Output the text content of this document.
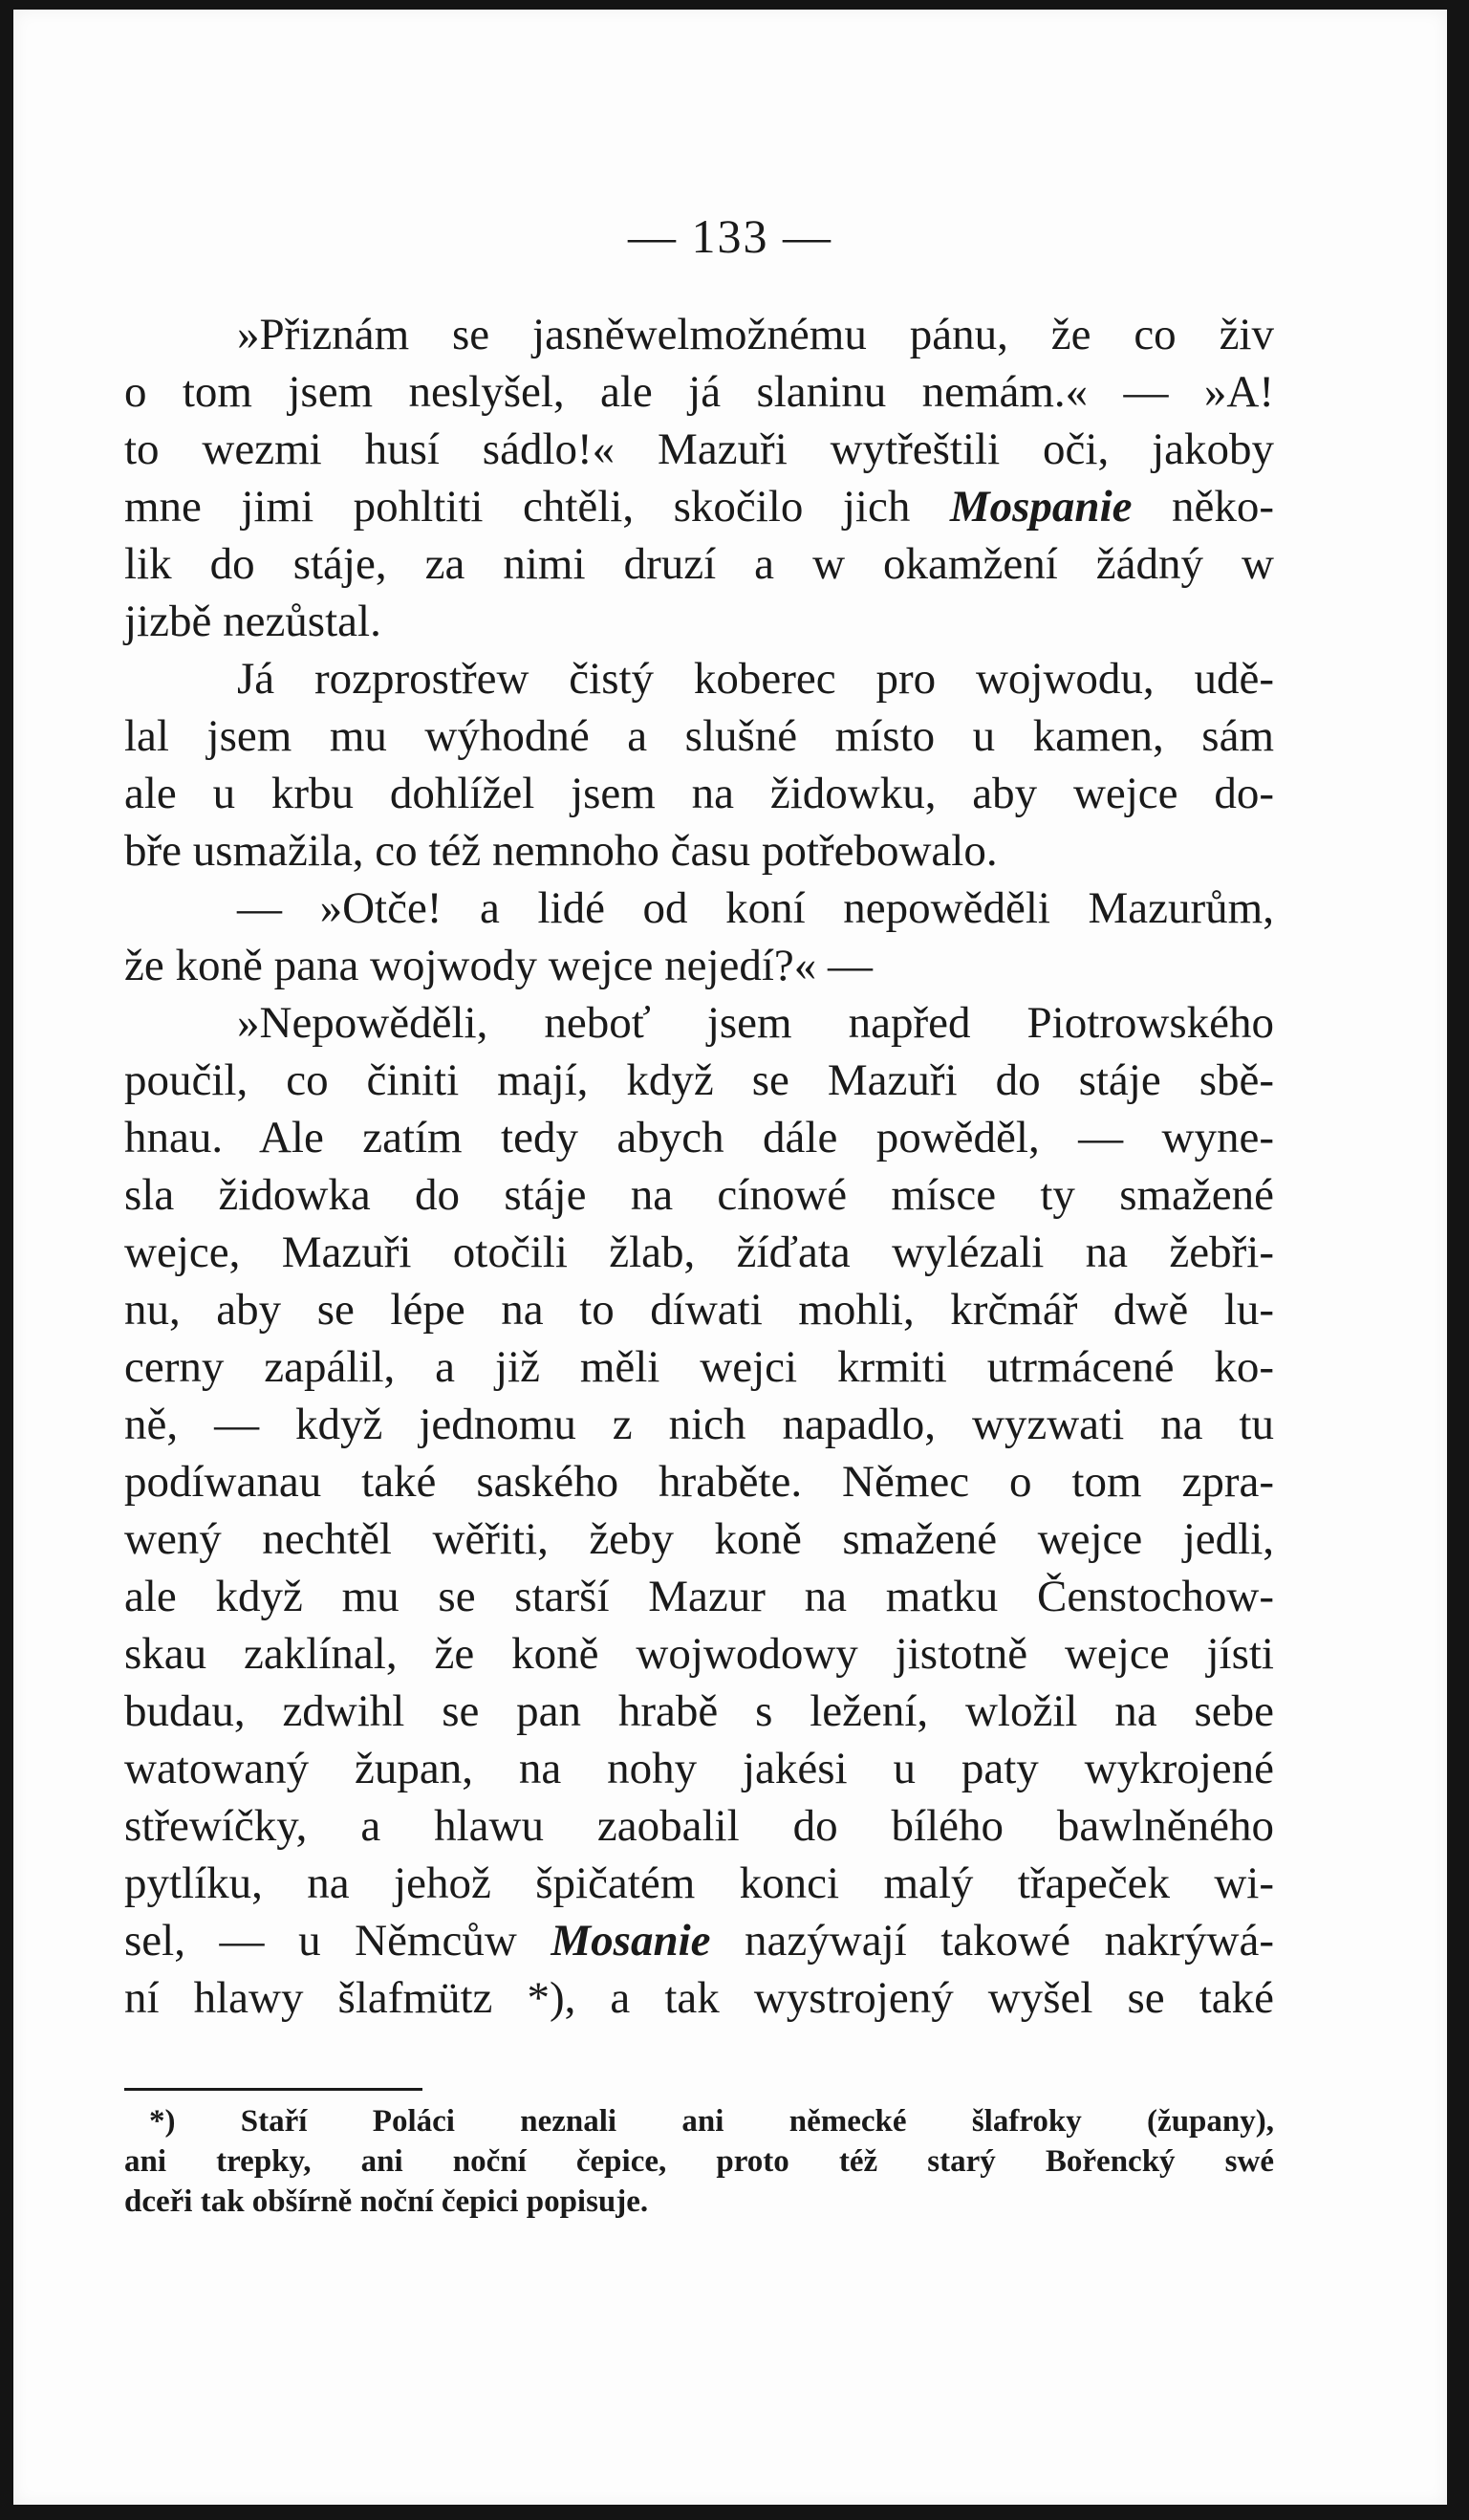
— 133 —
»Přiznám se jasněwelmožnému pánu, že co živ
o tom jsem neslyšel, ale já slaninu nemám.« — »A!
to wezmi husí sádlo!« Mazuři wytřeštili oči, jakoby
mne jimi pohltiti chtěli, skočilo jich Mospanie něko-
lik do stáje, za nimi druzí a w okamžení žádný w
jizbě nezůstal.
Já rozprostřew čistý koberec pro wojwodu, udě-
lal jsem mu wýhodné a slušné místo u kamen, sám
ale u krbu dohlížel jsem na židowku, aby wejce do-
bře usmažila, co též nemnoho času potřebowalo.
— »Otče! a lidé od koní nepowěděli Mazurům,
že koně pana wojwody wejce nejedí?« —
»Nepowěděli, neboť jsem napřed Piotrowského
poučil, co činiti mají, když se Mazuři do stáje sbě-
hnau. Ale zatím tedy abych dále powěděl, — wyne-
sla židowka do stáje na cínowé mísce ty smažené
wejce, Mazuři otočili žlab, žíďata wylézali na žebři-
nu, aby se lépe na to díwati mohli, krčmář dwě lu-
cerny zapálil, a již měli wejci krmiti utrmácené ko-
ně, — když jednomu z nich napadlo, wyzwati na tu
podíwanau také saského hraběte. Němec o tom zpra-
wený nechtěl wěřiti, žeby koně smažené wejce jedli,
ale když mu se starší Mazur na matku Čenstochow-
skau zaklínal, že koně wojwodowy jistotně wejce jísti
budau, zdwihl se pan hrabě s ležení, wložil na sebe
watowaný župan, na nohy jakési u paty wykrojené
střewíčky, a hlawu zaobalil do bílého bawlněného
pytlíku, na jehož špičatém konci malý třapeček wi-
sel, — u Němcůw Mosanie nazýwají takowé nakrýwá-
ní hlawy šlafmütz *), a tak wystrojený wyšel se také
*) Staří Poláci neznali ani německé šlafroky (župany),
ani trepky, ani noční čepice, proto též starý Bořencký swé
dceři tak obšírně noční čepici popisuje.
